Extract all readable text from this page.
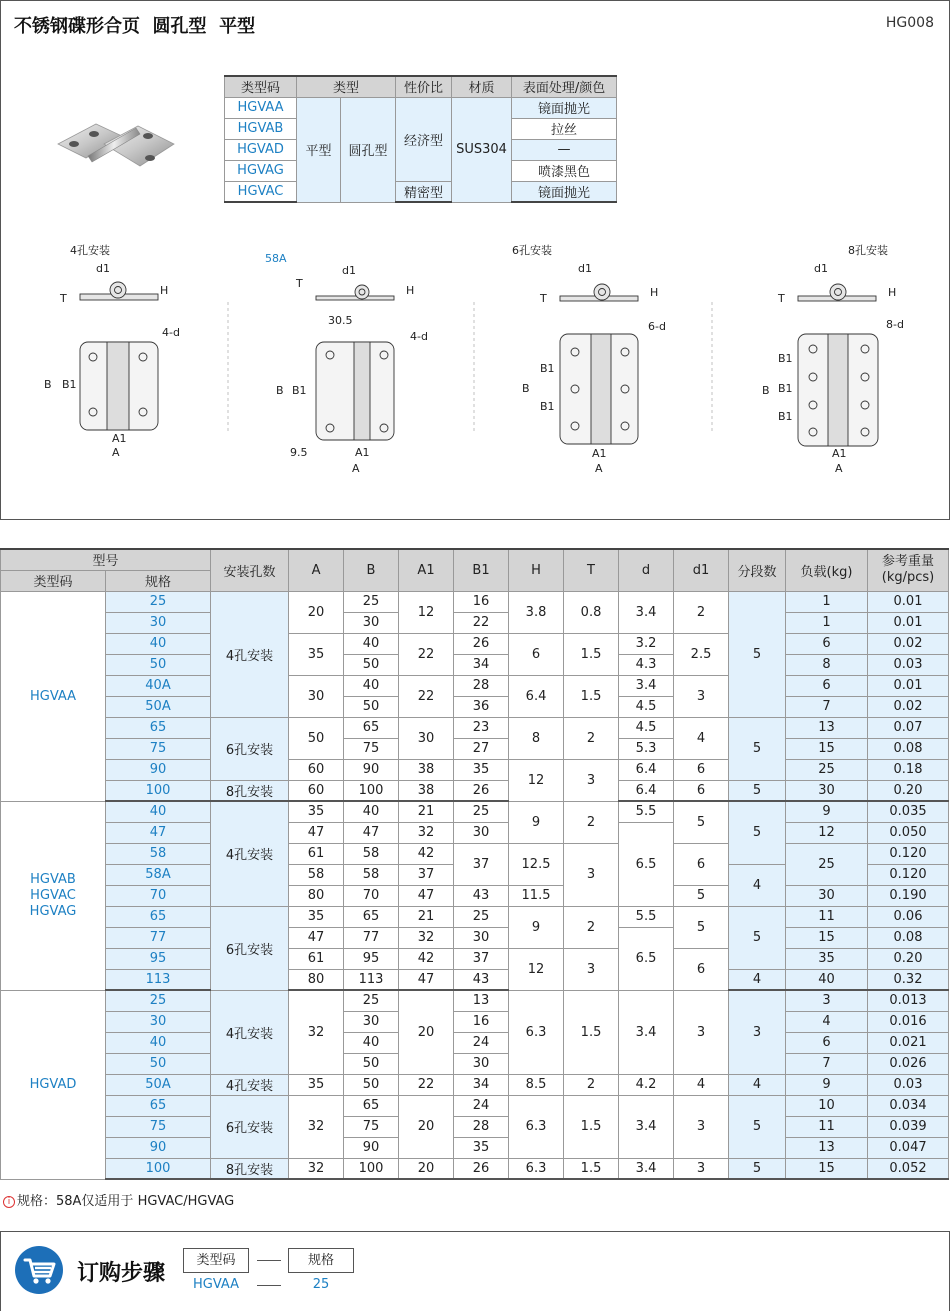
不锈钢碟形合页  圆孔型  平型	HG008
类型码	类型		性价比	材质	表面处理/颜色
HGVAA	平型	圆孔型	经济型	SUS304	镜面抛光
HGVAB					拉丝
HGVAD					—
HGVAG					喷漆黑色
HGVAC			精密型		镜面抛光
4孔安装
d1
T
H
4-d
B B1
A1
A
58A
d1
T
H
30.5
4-d
B B1
9.5	A1
A
6孔安装
d1
T	H
6-d
B
B1
B1
A1
A
8孔安装
d1
T	H
8-d
B
B1
B1
B1
A1
A
型号		安装孔数	A	B	A1	B1	H	T	d	d1	分段数	负载(kg)	参考重量
(kg/pcs)
类型码	规格												
HGVAA	25	4孔安装	20	25	12	16	3.8	0.8	3.4	2	5	1	0.01
	30			30		22						1	0.01
	40		35	40	22	26	6	1.5	3.2	2.5		6	0.02
	50			50		34			4.3			8	0.03
	40A		30	40	22	28	6.4	1.5	3.4	3		6	0.01
	50A			50		36			4.5			7	0.02
	65	6孔安装	50	65	30	23	8	2	4.5	4	5	13	0.07
	75			75		27			5.3			15	0.08
	90		60	90	38	35	12	3	6.4	6		25	0.18
	100	8孔安装	60	100	38	26			6.4	6	5	30	0.20
HGVAB
HGVAC
HGVAG	40	4孔安装	35	40	21	25	9	2	5.5	5	5	9	0.035
	47		47	47	32	30			6.5			12	0.050
	58		61	58	42	37	12.5	3		6		25	0.120
	58A		58	58	37						4		0.120
	70		80	70	47	43	11.5			5		30	0.190
	65	6孔安装	35	65	21	25	9	2	5.5	5	5	11	0.06
	77		47	77	32	30			6.5			15	0.08
	95		61	95	42	37	12	3		6		35	0.20
	113		80	113	47	43					4	40	0.32
HGVAD	25	4孔安装	32	25	20	13	6.3	1.5	3.4	3	3	3	0.013
	30			30		16						4	0.016
	40			40		24						6	0.021
	50			50		30						7	0.026
	50A	4孔安装	35	50	22	34	8.5	2	4.2	4	4	9	0.03
	65	6孔安装	32	65	20	24	6.3	1.5	3.4	3	5	10	0.034
	75			75		28						11	0.039
	90			90		35						13	0.047
	100	8孔安装	32	100	20	26	6.3	1.5	3.4	3	5	15	0.052
i 规格：58A仅适用于 HGVAC/HGVAG
订购步骤
类型码	规格
HGVAA	25
